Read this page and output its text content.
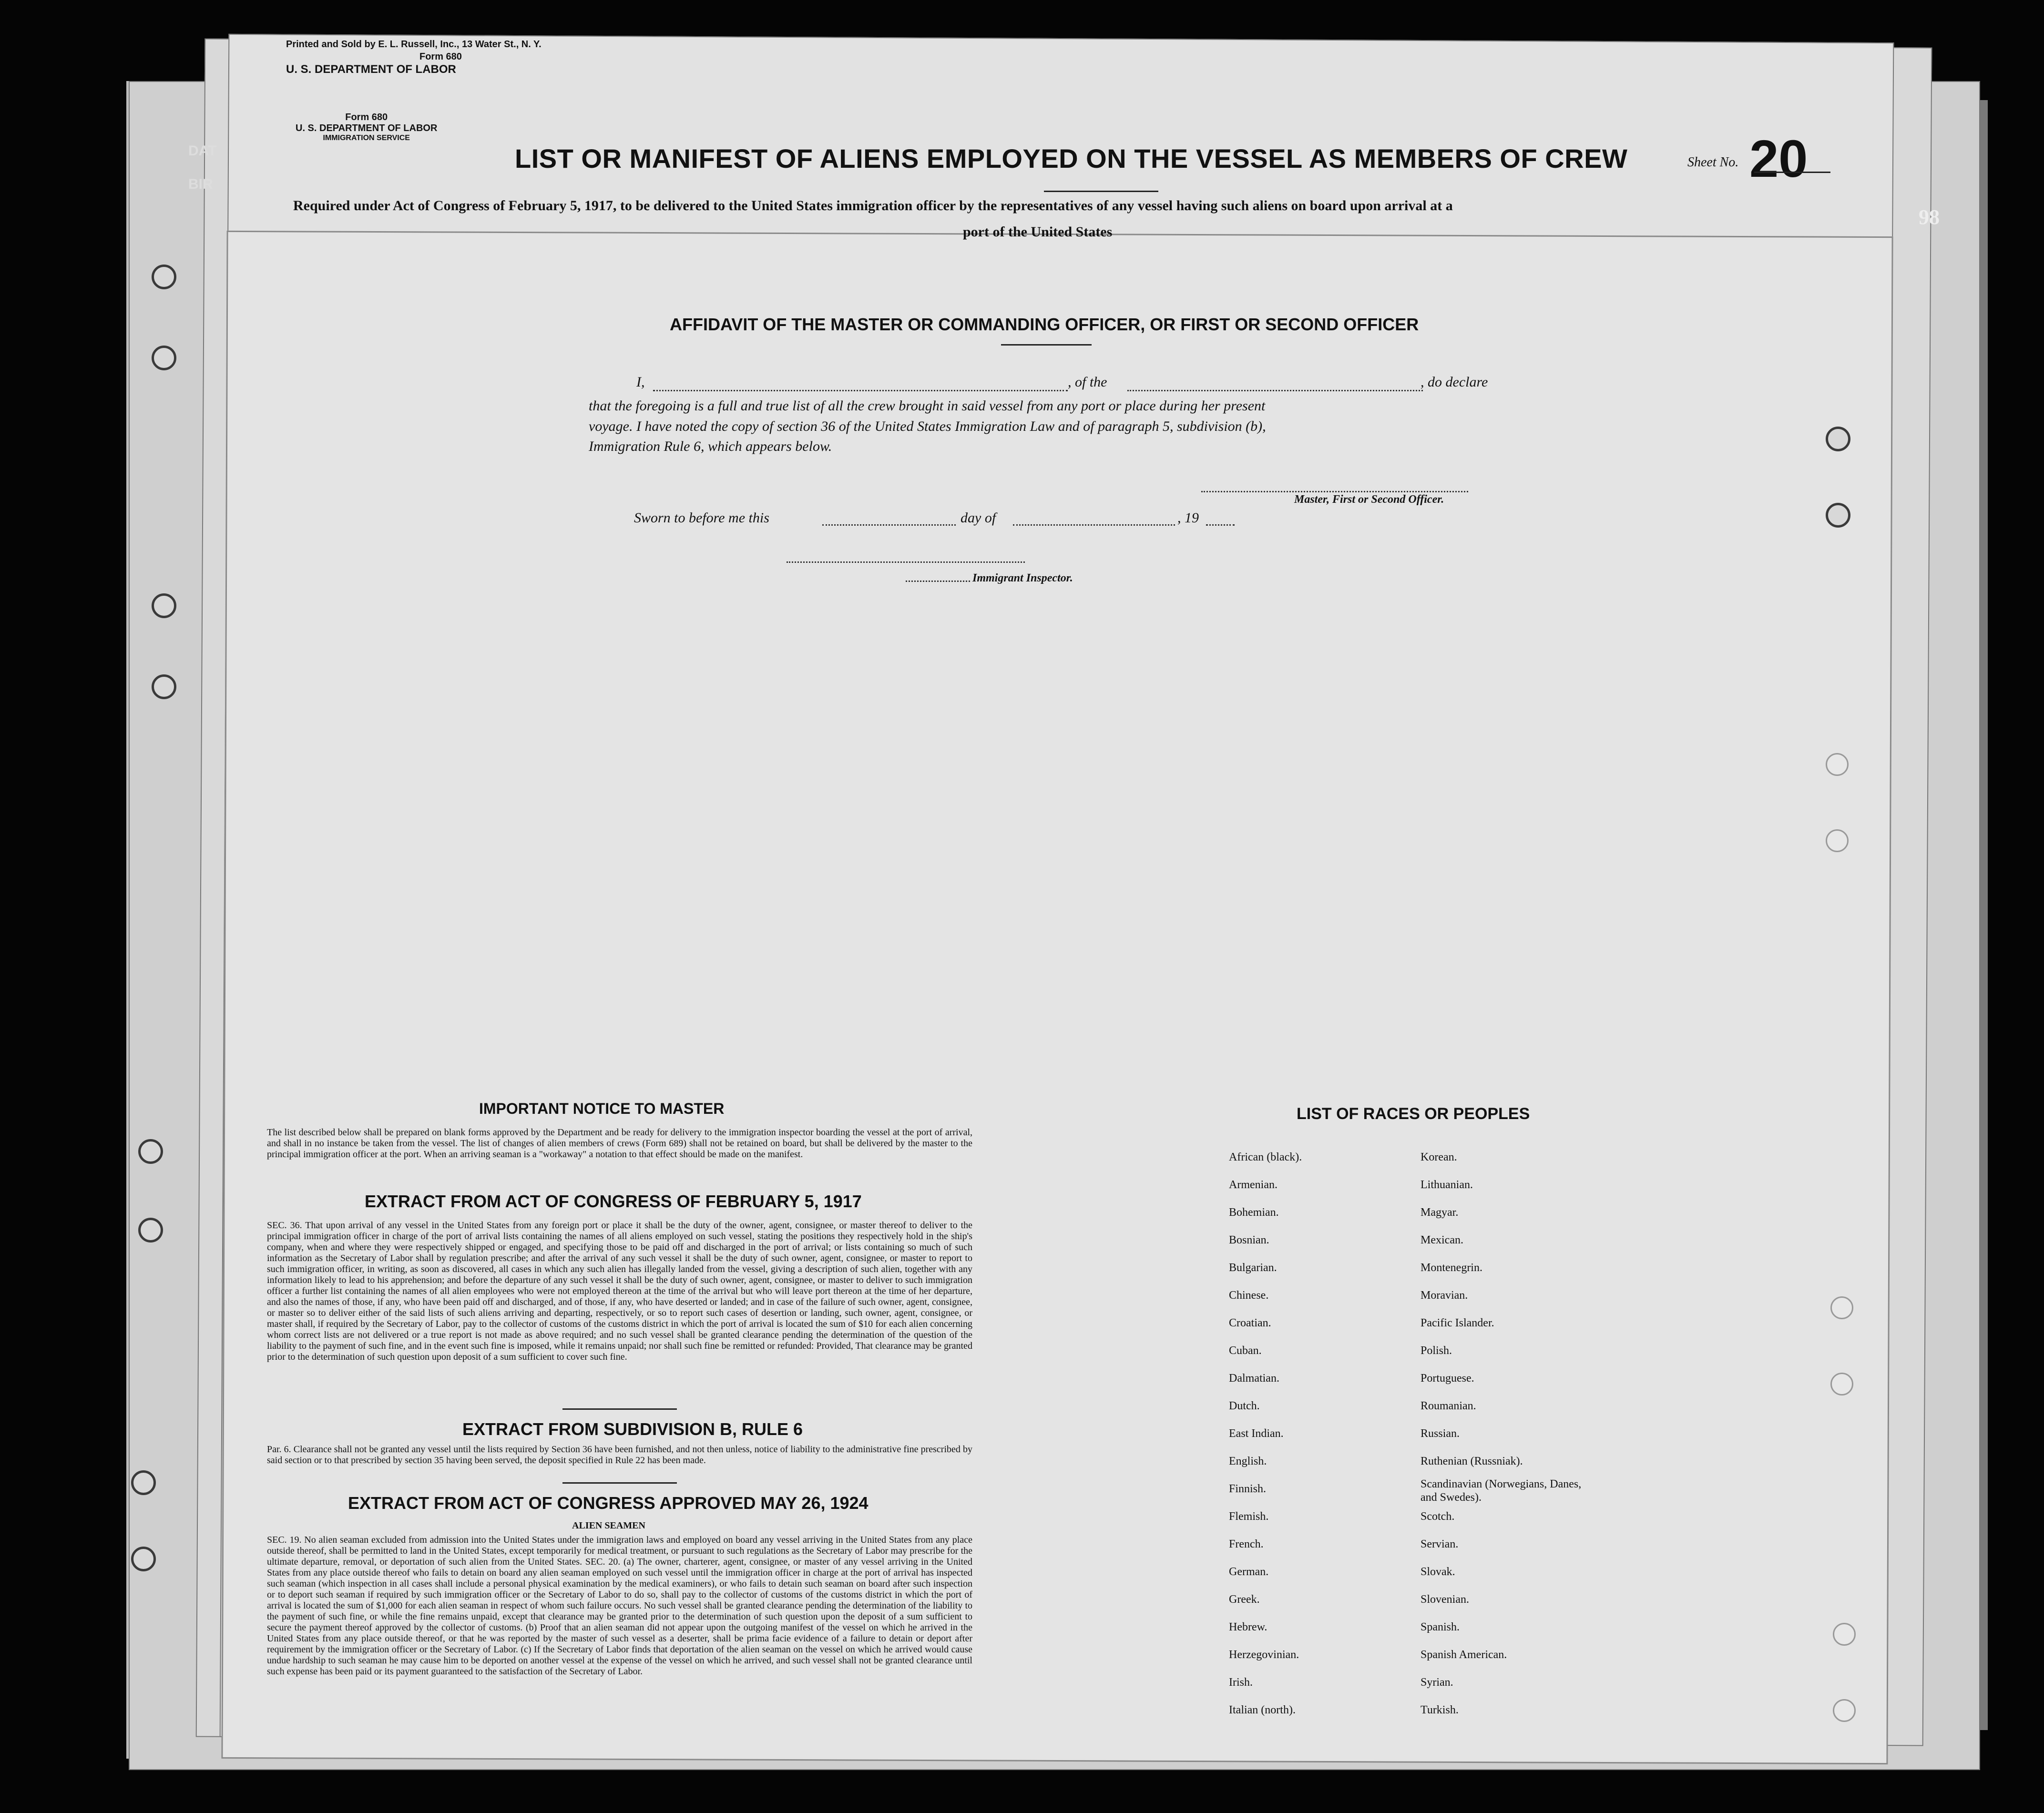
Printed and Sold by E. L. Russell, Inc., 13 Water St., N. Y.
Form 680
U. S. DEPARTMENT OF LABOR
Form 680
U. S. DEPARTMENT OF LABOR
IMMIGRATION SERVICE
DAT
BIR
LIST OR MANIFEST OF ALIENS EMPLOYED ON THE VESSEL AS MEMBERS OF CREW	Sheet No. 20
Required under Act of Congress of February 5, 1917, to be delivered to the United States immigration officer by the representatives of any vessel having such aliens on board upon arrival at a
port of the United States
98
AFFIDAVIT OF THE MASTER OR COMMANDING OFFICER, OR FIRST OR SECOND OFFICER
I,	, of the	, do declare
that the foregoing is a full and true list of all the crew brought in said vessel from any port or place during her present
voyage. I have noted the copy of section 36 of the United States Immigration Law and of paragraph 5, subdivision (b),
Immigration Rule 6, which appears below.
Master, First or Second Officer.
Sworn to before me this	day of	, 19
Immigrant Inspector.
IMPORTANT NOTICE TO MASTER
The list described below shall be prepared on blank forms approved by the Department and be ready for delivery to the immigration inspector boarding the vessel at the port of arrival, and shall in no instance be taken from the vessel. The list of changes of alien members of crews (Form 689) shall not be retained on board, but shall be delivered by the master to the principal immigration officer at the port. When an arriving seaman is a "workaway" a notation to that effect should be made on the manifest.
EXTRACT FROM ACT OF CONGRESS OF FEBRUARY 5, 1917
SEC. 36. That upon arrival of any vessel in the United States from any foreign port or place it shall be the duty of the owner, agent, consignee, or master thereof to deliver to the principal immigration officer in charge of the port of arrival lists containing the names of all aliens employed on such vessel, stating the positions they respectively hold in the ship's company, when and where they were respectively shipped or engaged, and specifying those to be paid off and discharged in the port of arrival; or lists containing so much of such information as the Secretary of Labor shall by regulation prescribe; and after the arrival of any such vessel it shall be the duty of such owner, agent, consignee, or master to report to such immigration officer, in writing, as soon as discovered, all cases in which any such alien has illegally landed from the vessel, giving a description of such alien, together with any information likely to lead to his apprehension; and before the departure of any such vessel it shall be the duty of such owner, agent, consignee, or master to deliver to such immigration officer a further list containing the names of all alien employees who were not employed thereon at the time of the arrival but who will leave port thereon at the time of her departure, and also the names of those, if any, who have been paid off and discharged, and of those, if any, who have deserted or landed; and in case of the failure of such owner, agent, consignee, or master so to deliver either of the said lists of such aliens arriving and departing, respectively, or so to report such cases of desertion or landing, such owner, agent, consignee, or master shall, if required by the Secretary of Labor, pay to the collector of customs of the customs district in which the port of arrival is located the sum of $10 for each alien concerning whom correct lists are not delivered or a true report is not made as above required; and no such vessel shall be granted clearance pending the determination of the question of the liability to the payment of such fine, and in the event such fine is imposed, while it remains unpaid; nor shall such fine be remitted or refunded: Provided, That clearance may be granted prior to the determination of such question upon deposit of a sum sufficient to cover such fine.
EXTRACT FROM SUBDIVISION B, RULE 6
Par. 6. Clearance shall not be granted any vessel until the lists required by Section 36 have been furnished, and not then unless, notice of liability to the administrative fine prescribed by said section or to that prescribed by section 35 having been served, the deposit specified in Rule 22 has been made.
EXTRACT FROM ACT OF CONGRESS APPROVED MAY 26, 1924
ALIEN SEAMEN
SEC. 19. No alien seaman excluded from admission into the United States under the immigration laws and employed on board any vessel arriving in the United States from any place outside thereof, shall be permitted to land in the United States, except temporarily for medical treatment, or pursuant to such regulations as the Secretary of Labor may prescribe for the ultimate departure, removal, or deportation of such alien from the United States. SEC. 20. (a) The owner, charterer, agent, consignee, or master of any vessel arriving in the United States from any place outside thereof who fails to detain on board any alien seaman employed on such vessel until the immigration officer in charge at the port of arrival has inspected such seaman (which inspection in all cases shall include a personal physical examination by the medical examiners), or who fails to detain such seaman on board after such inspection or to deport such seaman if required by such immigration officer or the Secretary of Labor to do so, shall pay to the collector of customs of the customs district in which the port of arrival is located the sum of $1,000 for each alien seaman in respect of whom such failure occurs. No such vessel shall be granted clearance pending the determination of the liability to the payment of such fine, or while the fine remains unpaid, except that clearance may be granted prior to the determination of such question upon the deposit of a sum sufficient to secure the payment thereof approved by the collector of customs. (b) Proof that an alien seaman did not appear upon the outgoing manifest of the vessel on which he arrived in the United States from any place outside thereof, or that he was reported by the master of such vessel as a deserter, shall be prima facie evidence of a failure to detain or deport after requirement by the immigration officer or the Secretary of Labor. (c) If the Secretary of Labor finds that deportation of the alien seaman on the vessel on which he arrived would cause undue hardship to such seaman he may cause him to be deported on another vessel at the expense of the vessel on which he arrived, and such vessel shall not be granted clearance until such expense has been paid or its payment guaranteed to the satisfaction of the Secretary of Labor.
LIST OF RACES OR PEOPLES
African (black).
Armenian.
Bohemian.
Bosnian.
Bulgarian.
Chinese.
Croatian.
Cuban.
Dalmatian.
Dutch.
East Indian.
English.
Finnish.
Flemish.
French.
German.
Greek.
Hebrew.
Herzegovinian.
Irish.
Italian (north).
Korean.
Lithuanian.
Magyar.
Mexican.
Montenegrin.
Moravian.
Pacific Islander.
Polish.
Portuguese.
Roumanian.
Russian.
Ruthenian (Russniak).
Scandinavian (Norwegians, Danes, and Swedes).
Scotch.
Servian.
Slovak.
Slovenian.
Spanish.
Spanish American.
Syrian.
Turkish.
